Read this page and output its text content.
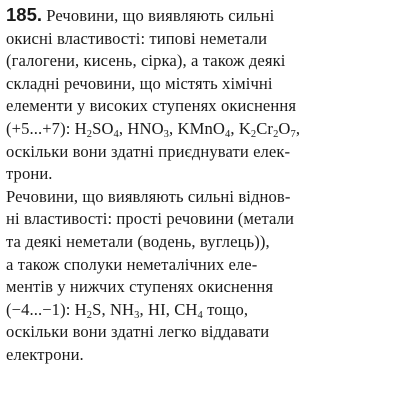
185. Речовини, що виявляють сильні
окисні властивості: типові неметали
(галогени, кисень, сірка), а також деякі
складні речовини, що містять хімічні
елементи у високих ступенях окиснення
(+5...+7): $H_2SO_4$, $HNO_3$, KMnO$_4$, $K_2Cr_2O_7$,
оскільки вони здатні приєднувати елек-
трони.
Речовини, що виявляють сильні віднов-
ні властивості: прості речовини (метали
та деякі неметали (водень, вуглець)),
а також сполуки неметалічних еле-
ментів у нижчих ступенях окиснення
(−4...−1): $H_2S$, $NH_3$, HI, $CH_4$ тощо,
оскільки вони здатні легко віддавати
електрони.
